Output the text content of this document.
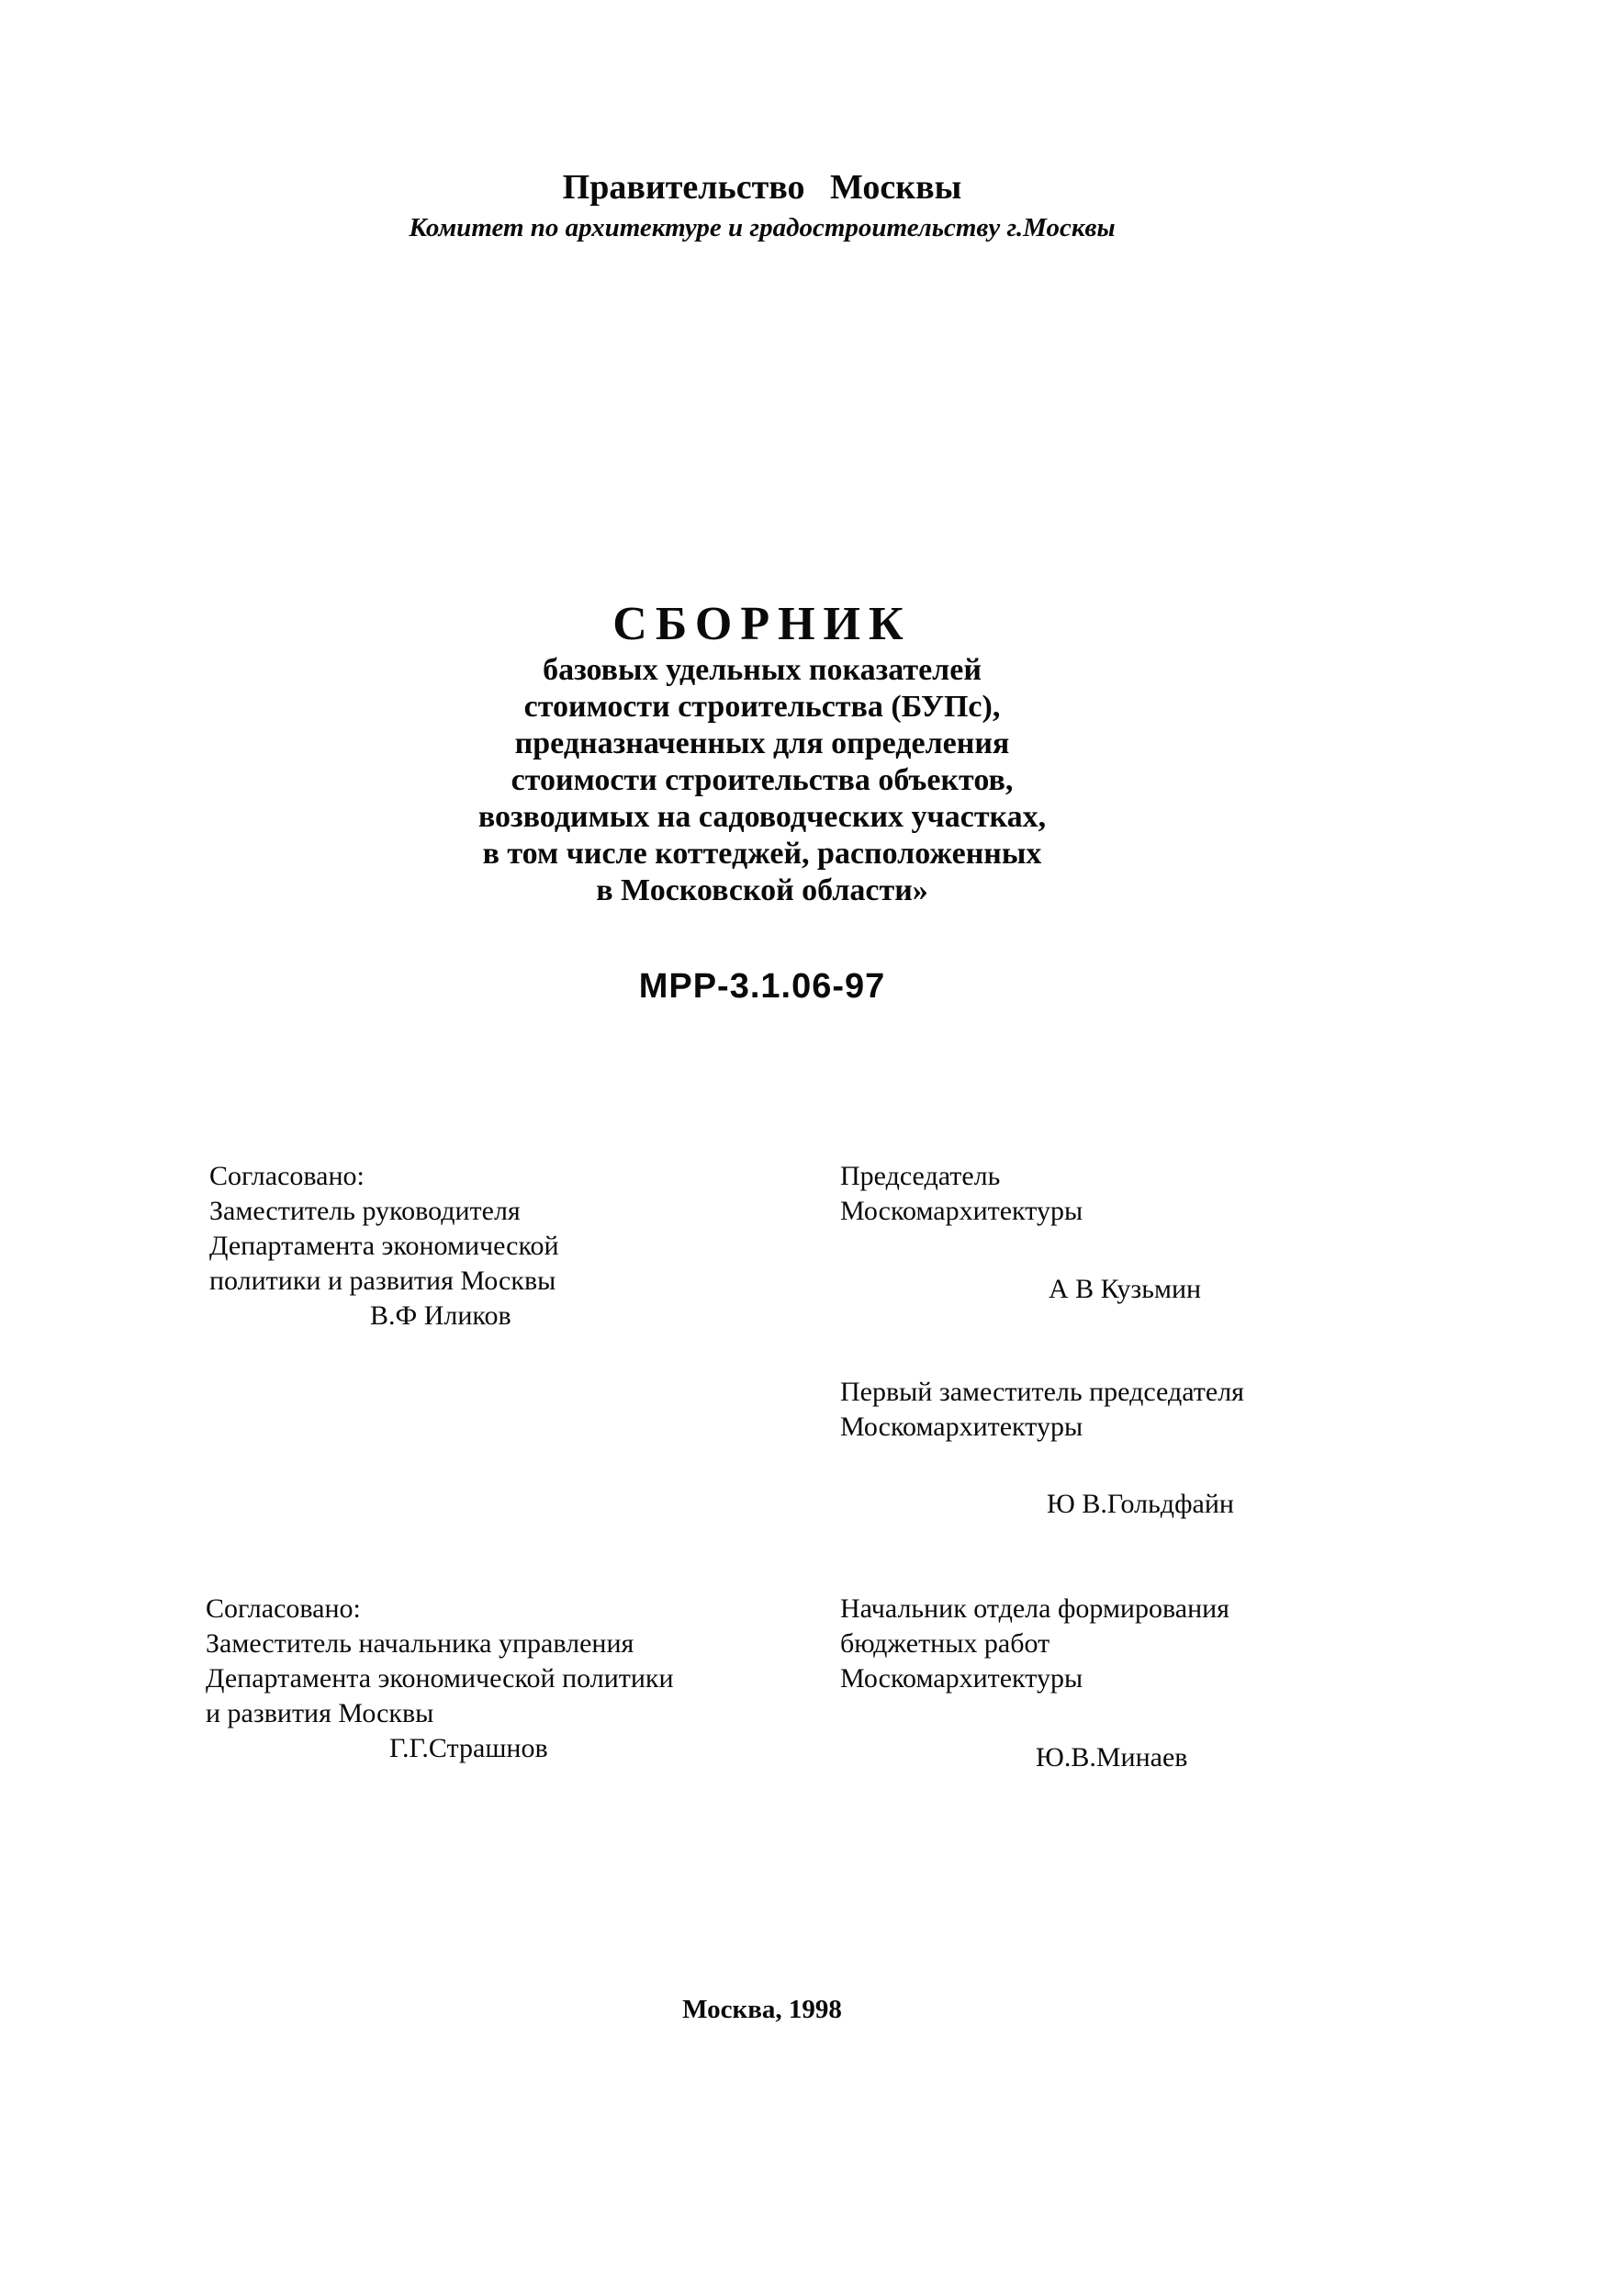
Правительство Москвы
Комитет по архитектуре и градостроительству г.Москвы
СБОРНИК
базовых удельных показателей
стоимости строительства (БУПс),
предназначенных для определения
стоимости строительства объектов,
возводимых на садоводческих участках,
в том числе коттеджей, расположенных
в Московской области»
МРР-3.1.06-97
Согласовано:
Заместитель руководителя
Департамента экономической
политики и развития Москвы
В.Ф Иликов
Председатель
Москомархитектуры
А В Кузьмин
Первый заместитель председателя
Москомархитектуры
Ю В.Гольдфайн
Согласовано:
Заместитель начальника управления
Департамента экономической политики
и развития Москвы
Г.Г.Страшнов
Начальник отдела формирования
бюджетных работ
Москомархитектуры
Ю.В.Минаев
Москва, 1998
